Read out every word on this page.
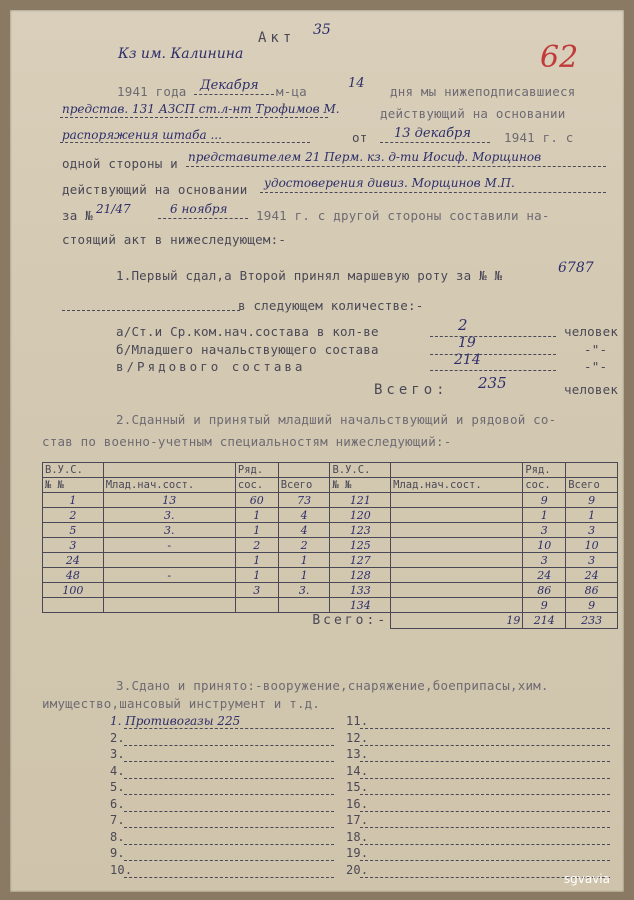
62
Акт 35
Кз им. Калинина
1941 года Декабря м-ца
14
дня мы нижеподписавшиеся
представ. 131 АЗСП ст.л-нт Трофимов М.	действующий на основании
распоряжения штаба ...	от 13 декабря	1941 г. с
одной стороны и представителем 21 Перм. кз. д-ти Иосиф. Морщинов
действующий на основании удостоверения дивиз. Морщинов М.П.
за № 21/47	6 ноября 1941 г. с другой стороны составили на-
стоящий акт в нижеследующем:-
1.Первый сдал,а Второй принял маршевую роту за № №	6787
в следующем количестве:-
а/Ст.и Ср.ком.нач.состава в кол-ве	2	человек
б/Младшего начальствующего состава	19	-"-
в/Рядового состава	214	-"-
Всего: 235	человек
2.Сданный и принятый младший начальствующий и рядовой со-
став по военно-учетным специальностям нижеследующий:-
В.У.С.		Ряд.		В.У.С.		Ряд.	
№ №	Млад.нач.сост.	сос.	Всего	№ №	Млад.нач.сост.	сос.	Всего
1	13	60	73	121		9	9
2	3.	1	4	120		1	1
5	3.	1	4	123		3	3
3	-	2	2	125		10	10
24		1	1	127		3	3
48	-	1	1	128		24	24
100		3	3.	133		86	86
				134		9	9
Всего:-					19	214	233
3.Сдано и принято:-вооружение,снаряжение,боеприпасы,хим.
имущество,шансовый инструмент и т.д.
1. Противогазы 225
2.
3.
4.
5.
6.
7.
8.
9.
10.
11.
12.
13.
14.
15.
16.
17.
18.
19.
20.
sgvavia
